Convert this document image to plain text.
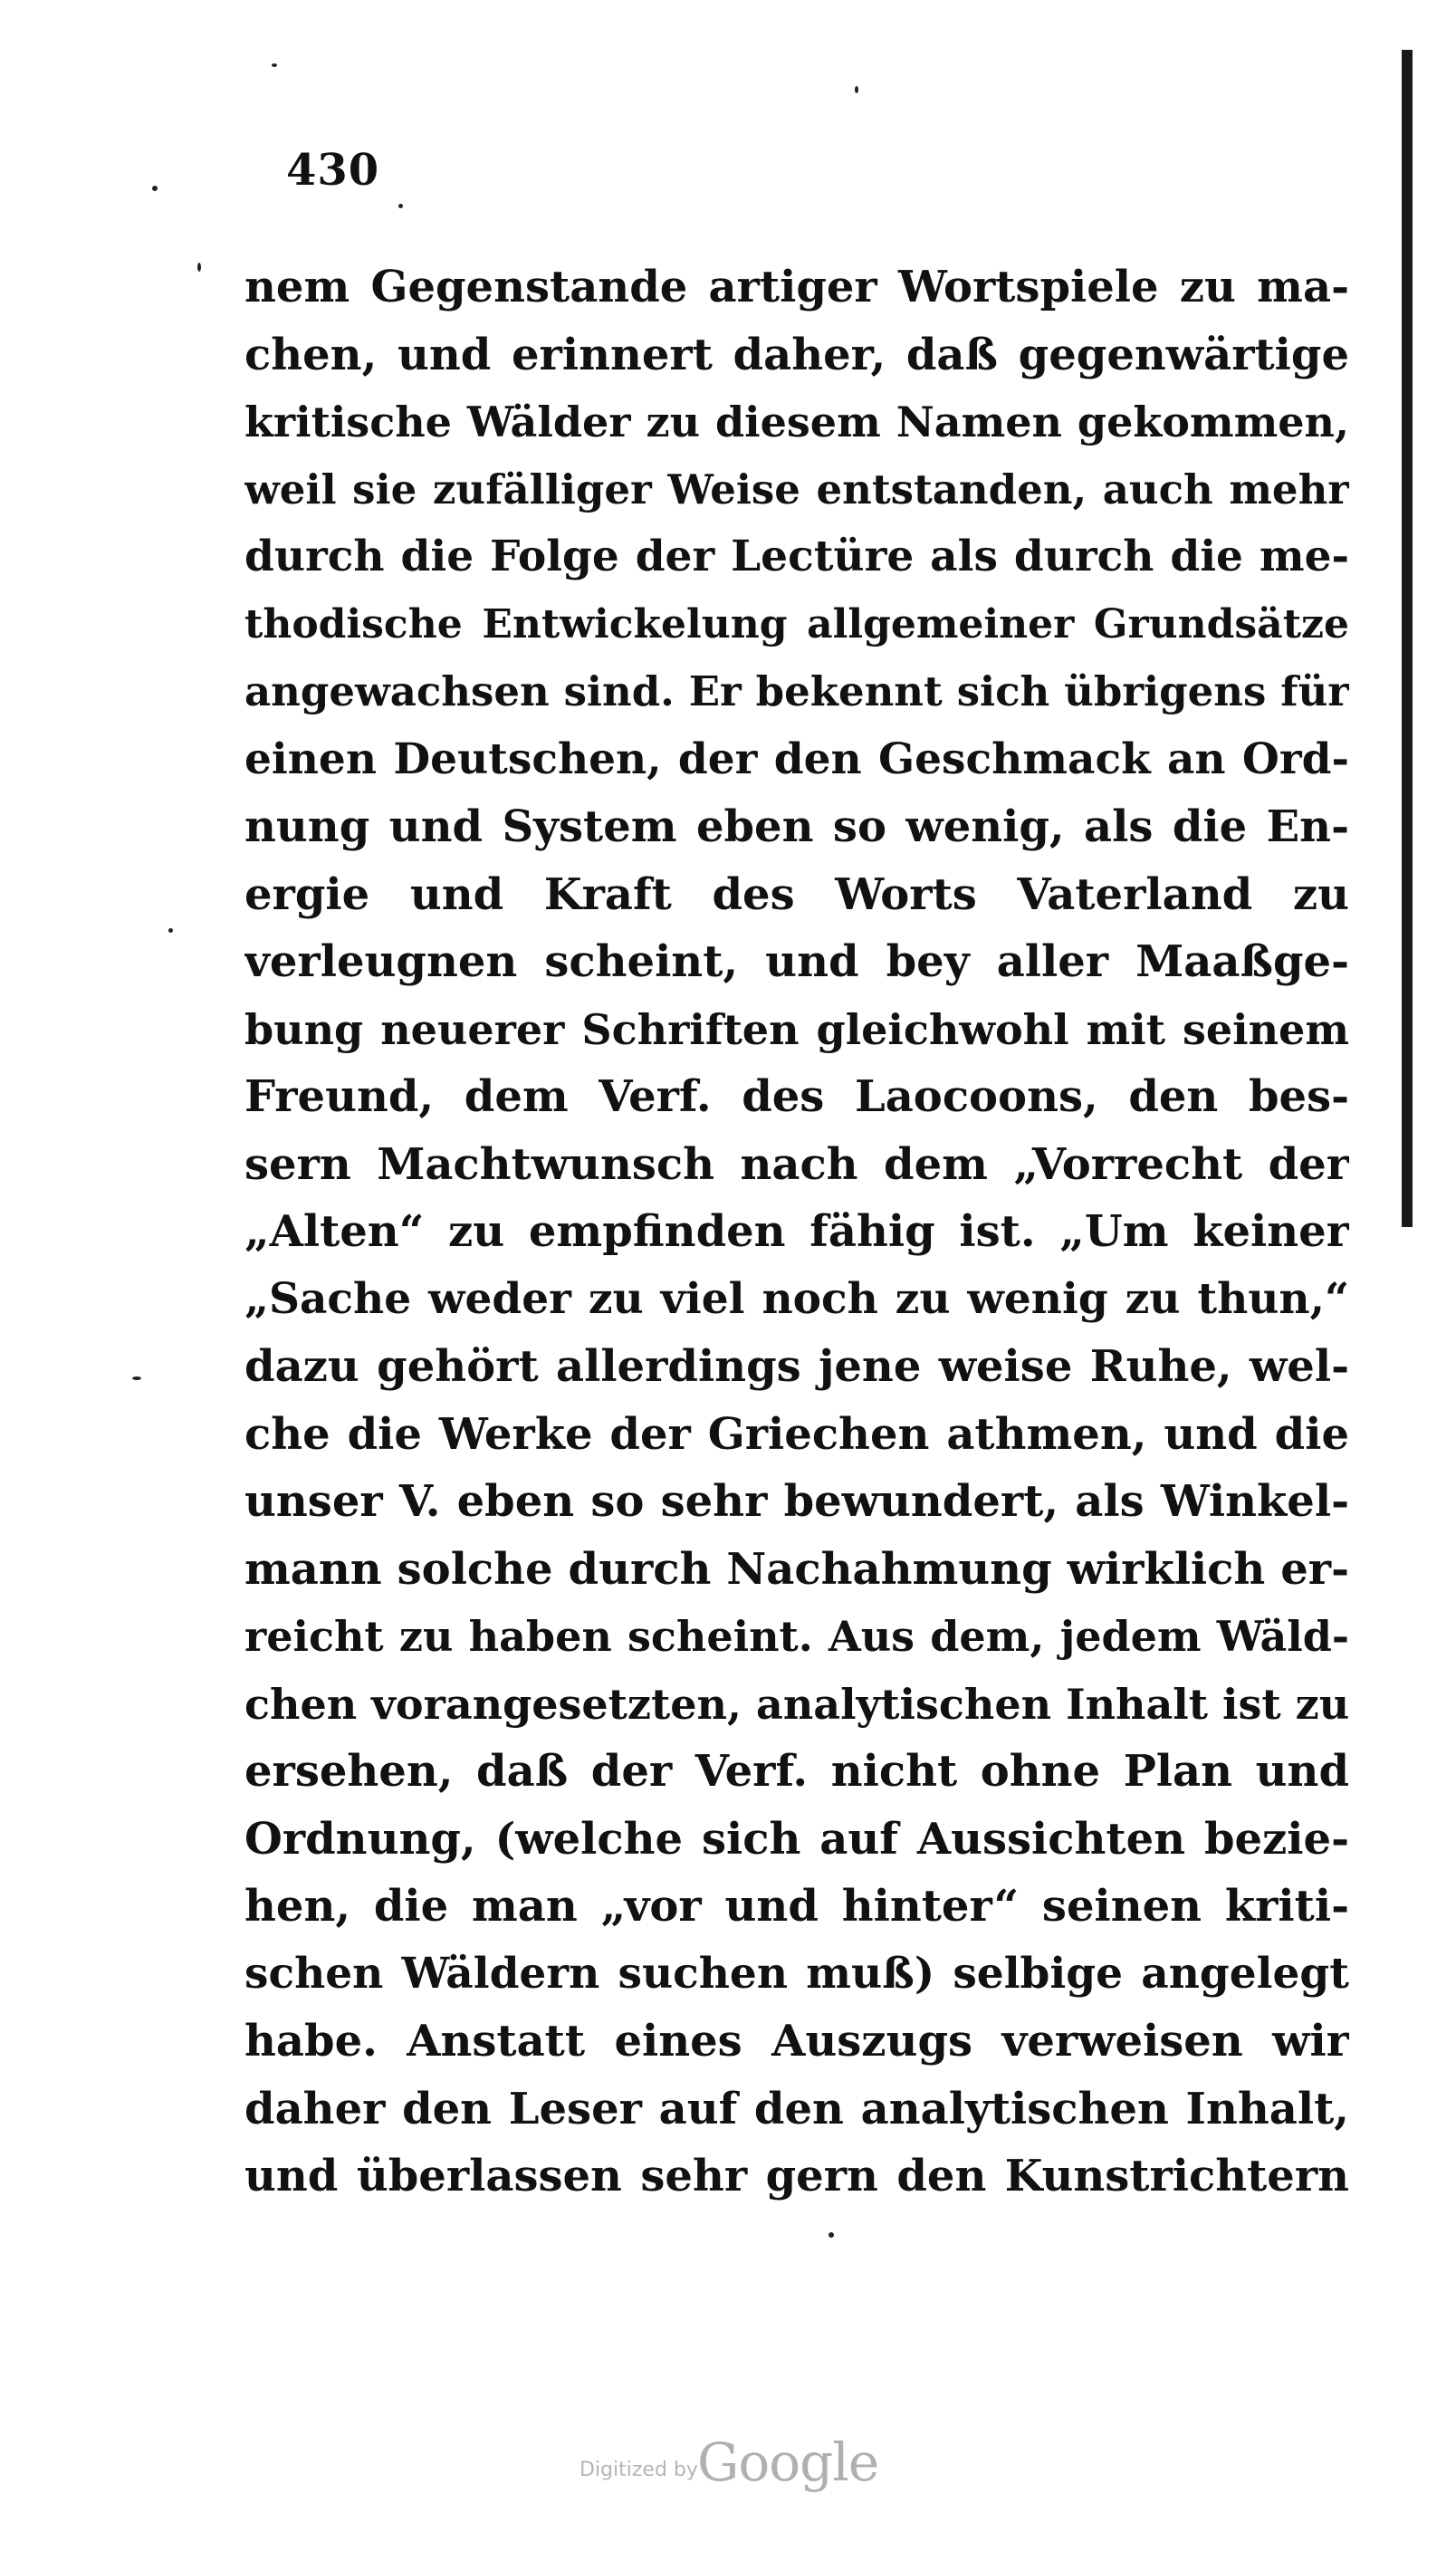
430
nem Gegenstande artiger Wortspiele zu ma-
chen, und erinnert daher, daß gegenwärtige
kritische Wälder zu diesem Namen gekommen,
weil sie zufälliger Weise entstanden, auch mehr
durch die Folge der Lectüre als durch die me-
thodische Entwickelung allgemeiner Grundsätze
angewachsen sind. Er bekennt sich übrigens für
einen Deutschen, der den Geschmack an Ord-
nung und System eben so wenig, als die En-
ergie und Kraft des Worts Vaterland zu
verleugnen scheint, und bey aller Maaßge-
bung neuerer Schriften gleichwohl mit seinem
Freund, dem Verf. des Laocoons, den bes-
sern Machtwunsch nach dem „Vorrecht der
„Alten“ zu empfinden fähig ist. „Um keiner
„Sache weder zu viel noch zu wenig zu thun,“
dazu gehört allerdings jene weise Ruhe, wel-
che die Werke der Griechen athmen, und die
unser V. eben so sehr bewundert, als Winkel-
mann solche durch Nachahmung wirklich er-
reicht zu haben scheint. Aus dem, jedem Wäld-
chen vorangesetzten, analytischen Inhalt ist zu
ersehen, daß der Verf. nicht ohne Plan und
Ordnung, (welche sich auf Aussichten bezie-
hen, die man „vor und hinter“ seinen kriti-
schen Wäldern suchen muß) selbige angelegt
habe. Anstatt eines Auszugs verweisen wir
daher den Leser auf den analytischen Inhalt,
und überlassen sehr gern den Kunstrichtern
Digitized by Google
